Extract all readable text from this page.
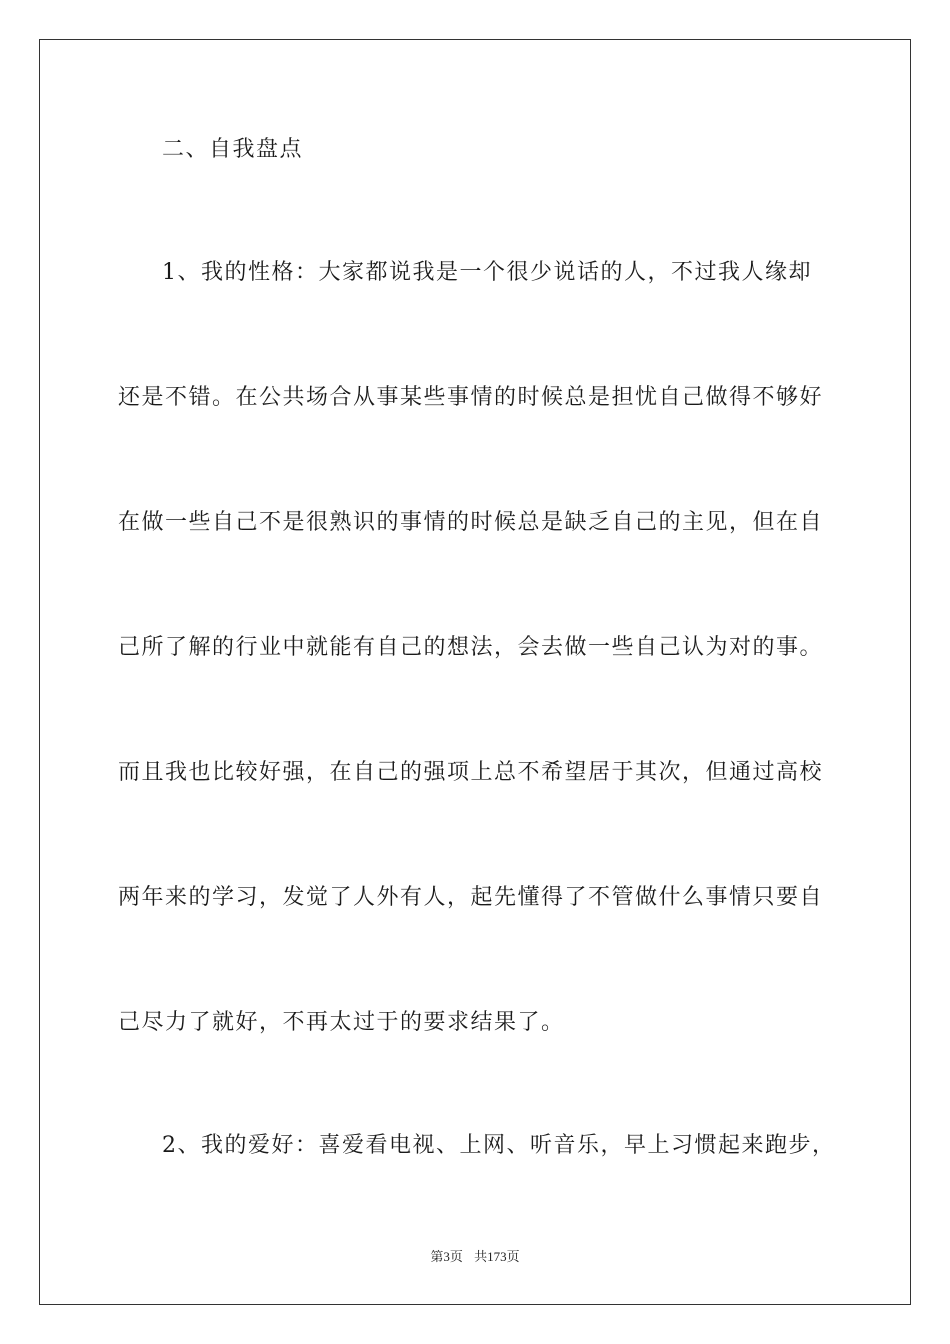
二、自我盘点
1、我的性格：大家都说我是一个很少说话的人，不过我人缘却
还是不错。在公共场合从事某些事情的时候总是担忧自己做得不够好
在做一些自己不是很熟识的事情的时候总是缺乏自己的主见，但在自
己所了解的行业中就能有自己的想法，会去做一些自己认为对的事。
而且我也比较好强，在自己的强项上总不希望居于其次，但通过高校
两年来的学习，发觉了人外有人，起先懂得了不管做什么事情只要自
己尽力了就好，不再太过于的要求结果了。
2、我的爱好：喜爱看电视、上网、听音乐，早上习惯起来跑步，
第3页 共173页
